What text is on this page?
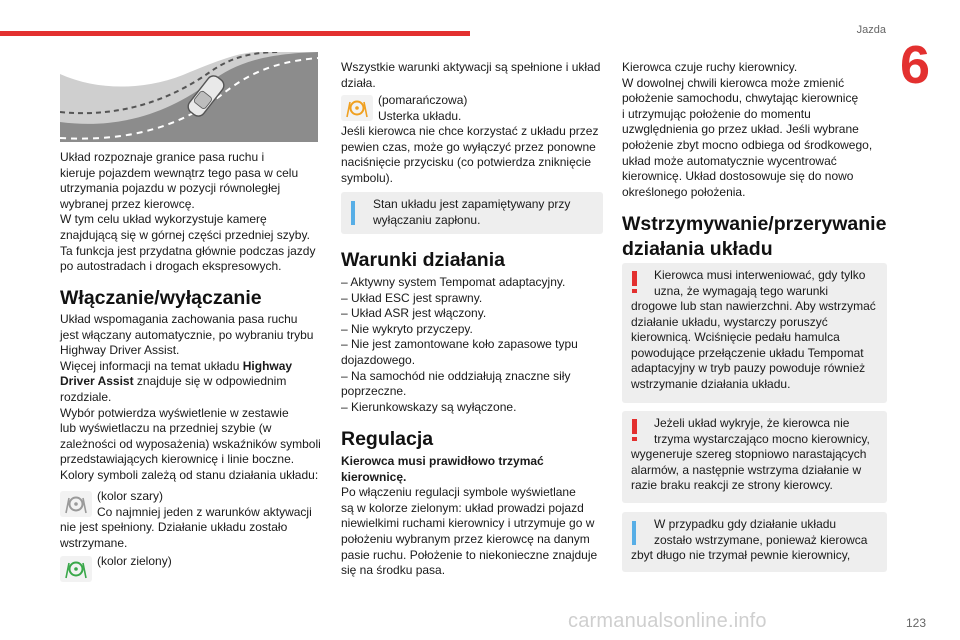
Jazda
6
Układ rozpoznaje granice pasa ruchu i
kieruje pojazdem wewnątrz tego pasa w celu
utrzymania pojazdu w pozycji równoległej
wybranej przez kierowcę.
W tym celu układ wykorzystuje kamerę
znajdującą się w górnej części przedniej szyby.
Ta funkcja jest przydatna głównie podczas jazdy
po autostradach i drogach ekspresowych.
Włączanie/wyłączanie
Układ wspomagania zachowania pasa ruchu
jest włączany automatycznie, po wybraniu trybu
Highway Driver Assist.
Więcej informacji na temat układu Highway
Driver Assist znajduje się w odpowiednim
rozdziale.
Wybór potwierdza wyświetlenie w zestawie
lub wyświetlaczu na przedniej szybie (w
zależności od wyposażenia) wskaźników symboli
przedstawiających kierownicę i linie boczne.
Kolory symboli zależą od stanu działania układu:
(kolor szary)
Co najmniej jeden z warunków aktywacji
nie jest spełniony. Działanie układu zostało
wstrzymane.
(kolor zielony)
Wszystkie warunki aktywacji są spełnione i układ
działa.
(pomarańczowa)
Usterka układu.
Jeśli kierowca nie chce korzystać z układu przez
pewien czas, może go wyłączyć przez ponowne
naciśnięcie przycisku (co potwierdza zniknięcie
symbolu).
Stan układu jest zapamiętywany przy
wyłączaniu zapłonu.
Warunki działania
– Aktywny system Tempomat adaptacyjny.
– Układ ESC jest sprawny.
– Układ ASR jest włączony.
– Nie wykryto przyczepy.
– Nie jest zamontowane koło zapasowe typu
dojazdowego.
– Na samochód nie oddziałują znaczne siły
poprzeczne.
– Kierunkowskazy są wyłączone.
Regulacja
Kierowca musi prawidłowo trzymać
kierownicę.
Po włączeniu regulacji symbole wyświetlane
są w kolorze zielonym: układ prowadzi pojazd
niewielkimi ruchami kierownicy i utrzymuje go w
położeniu wybranym przez kierowcę na danym
pasie ruchu. Położenie to niekonieczne znajduje
się na środku pasa.
Kierowca czuje ruchy kierownicy.
W dowolnej chwili kierowca może zmienić
położenie samochodu, chwytając kierownicę
i utrzymując położenie do momentu
uzwględnienia go przez układ. Jeśli wybrane
położenie zbyt mocno odbiega od środkowego,
układ może automatycznie wycentrować
kierownicę. Układ dostosowuje się do nowo
określonego położenia.
Wstrzymywanie/przerywanie
działania układu
Kierowca musi interweniować, gdy tylko
uzna, że wymagają tego warunki
drogowe lub stan nawierzchni. Aby wstrzymać
działanie układu, wystarczy poruszyć
kierownicą. Wciśnięcie pedału hamulca
powodujące przełączenie układu Tempomat
adaptacyjny w tryb pauzy powoduje również
wstrzymanie działania układu.
Jeżeli układ wykryje, że kierowca nie
trzyma wystarczająco mocno kierownicy,
wygeneruje szereg stopniowo narastających
alarmów, a następnie wstrzyma działanie w
razie braku reakcji ze strony kierowcy.
W przypadku gdy działanie układu
zostało wstrzymane, ponieważ kierowca
zbyt długo nie trzymał pewnie kierownicy,
carmanualsonline.info	123
